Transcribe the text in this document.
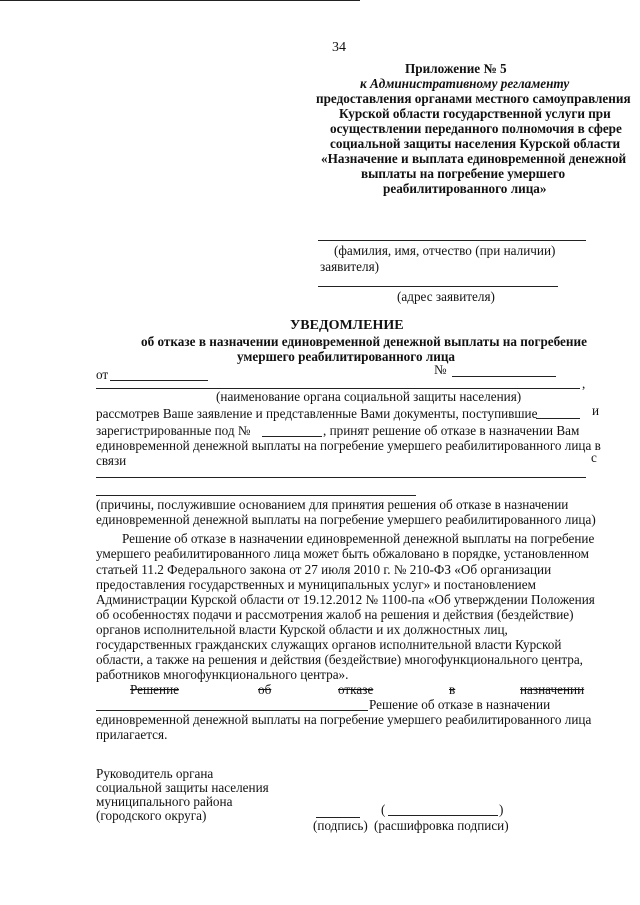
34
Приложение № 5
к Административному регламенту
предоставления органами местного самоуправления
Курской области государственной услуги при
осуществлении переданного полномочия в сфере
социальной защиты населения Курской области
«Назначение и выплата единовременной денежной
выплаты на погребение умершего
реабилитированного лица»
(фамилия, имя, отчество (при наличии)
заявителя)
(адрес заявителя)
УВЕДОМЛЕНИЕ
об отказе в назначении единовременной денежной выплаты на погребение
умершего реабилитированного лица
от	№
,
(наименование органа социальной защиты населения)
рассмотрев Ваше заявление и представленные Вами документы, поступившие	и
зарегистрированные под №	, принят решение об отказе в назначении Вам
единовременной денежной выплаты на погребение умершего реабилитированного лица в
связи	с
(причины, послужившие основанием для принятия решения об отказе в назначении
единовременной денежной выплаты на погребение умершего реабилитированного лица)
Решение об отказе в назначении единовременной денежной выплаты на погребение
умершего реабилитированного лица может быть обжаловано в порядке, установленном
статьей 11.2 Федерального закона от 27 июля 2010 г. № 210-ФЗ «Об организации
предоставления государственных и муниципальных услуг» и постановлением
Администрации Курской области от 19.12.2012 № 1100-па «Об утверждении Положения
об особенностях подачи и рассмотрения жалоб на решения и действия (бездействие)
органов исполнительной власти Курской области и их должностных лиц,
государственных гражданских служащих органов исполнительной власти Курской
области, а также на решения и действия (бездействие) многофункционального центра,
работников многофункционального центра».
Решение	об	отказе	в	назначении
Решение об отказе в назначении
единовременной денежной выплаты на погребение умершего реабилитированного лица
прилагается.
Руководитель органа
социальной защиты населения
муниципального района
(городского округа)	(	)
(подпись) (расшифровка подписи)
